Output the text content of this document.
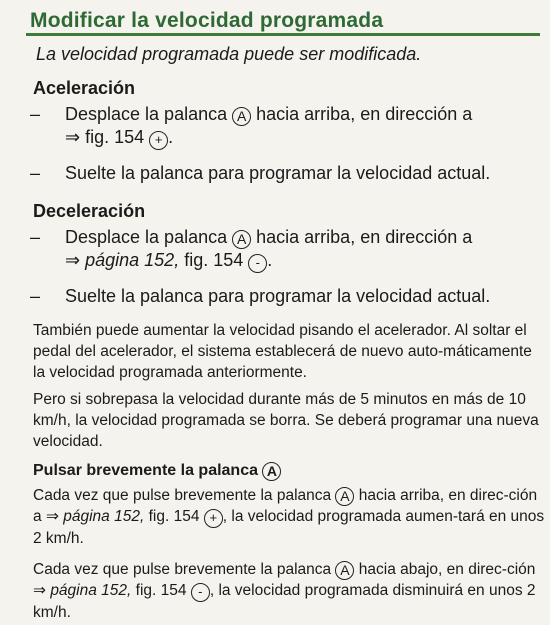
Modificar la velocidad programada
La velocidad programada puede ser modificada.
Aceleración
– Desplace la palanca A hacia arriba, en dirección a
⇒ fig. 154 + .
– Suelte la palanca para programar la velocidad actual.
Deceleración
– Desplace la palanca A hacia arriba, en dirección a
⇒ página 152, fig. 154 - .
– Suelte la palanca para programar la velocidad actual.

También puede aumentar la velocidad pisando el acelerador. Al soltar el pedal del acelerador, el sistema establecerá de nuevo auto-máticamente la velocidad programada anteriormente.

Pero si sobrepasa la velocidad durante más de 5 minutos en más de 10 km/h, la velocidad programada se borra. Se deberá programar una nueva velocidad.

Pulsar brevemente la palanca A

Cada vez que pulse brevemente la palanca A hacia arriba, en direc-ción a ⇒ página 152, fig. 154 + , la velocidad programada aumen-tará en unos 2 km/h.

Cada vez que pulse brevemente la palanca A hacia abajo, en direc-ción ⇒ página 152, fig. 154 - , la velocidad programada disminuirá en unos 2 km/h.
